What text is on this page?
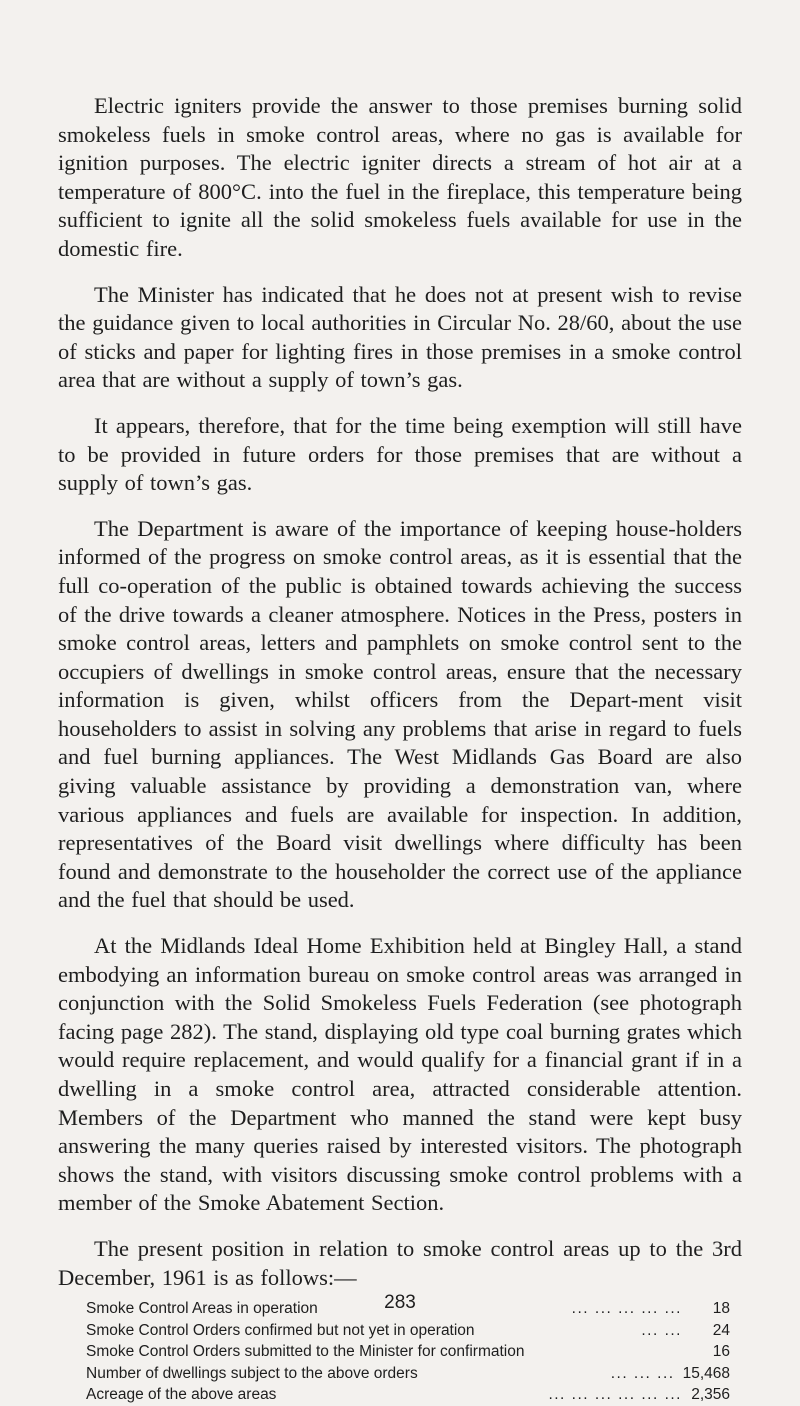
Electric igniters provide the answer to those premises burning solid smokeless fuels in smoke control areas, where no gas is available for ignition purposes. The electric igniter directs a stream of hot air at a temperature of 800°C. into the fuel in the fireplace, this temperature being sufficient to ignite all the solid smokeless fuels available for use in the domestic fire.

The Minister has indicated that he does not at present wish to revise the guidance given to local authorities in Circular No. 28/60, about the use of sticks and paper for lighting fires in those premises in a smoke control area that are without a supply of town’s gas.

It appears, therefore, that for the time being exemption will still have to be provided in future orders for those premises that are without a supply of town’s gas.

The Department is aware of the importance of keeping house-holders informed of the progress on smoke control areas, as it is essential that the full co-operation of the public is obtained towards achieving the success of the drive towards a cleaner atmosphere. Notices in the Press, posters in smoke control areas, letters and pamphlets on smoke control sent to the occupiers of dwellings in smoke control areas, ensure that the necessary information is given, whilst officers from the Depart-ment visit householders to assist in solving any problems that arise in regard to fuels and fuel burning appliances. The West Midlands Gas Board are also giving valuable assistance by providing a demonstration van, where various appliances and fuels are available for inspection. In addition, representatives of the Board visit dwellings where difficulty has been found and demonstrate to the householder the correct use of the appliance and the fuel that should be used.

At the Midlands Ideal Home Exhibition held at Bingley Hall, a stand embodying an information bureau on smoke control areas was arranged in conjunction with the Solid Smokeless Fuels Federation (see photograph facing page 282). The stand, displaying old type coal burning grates which would require replacement, and would qualify for a financial grant if in a dwelling in a smoke control area, attracted considerable attention. Members of the Department who manned the stand were kept busy answering the many queries raised by interested visitors. The photograph shows the stand, with visitors discussing smoke control problems with a member of the Smoke Abatement Section.

The present position in relation to smoke control areas up to the 3rd December, 1961 is as follows:—

Smoke Control Areas in operation	... ... ... ... ...	18
Smoke Control Orders confirmed but not yet in operation	... ...	24
Smoke Control Orders submitted to the Minister for confirmation	16
Number of dwellings subject to the above orders	... ... ... 15,468
Acreage of the above areas	... ... ... ... ... ... 2,356
283
